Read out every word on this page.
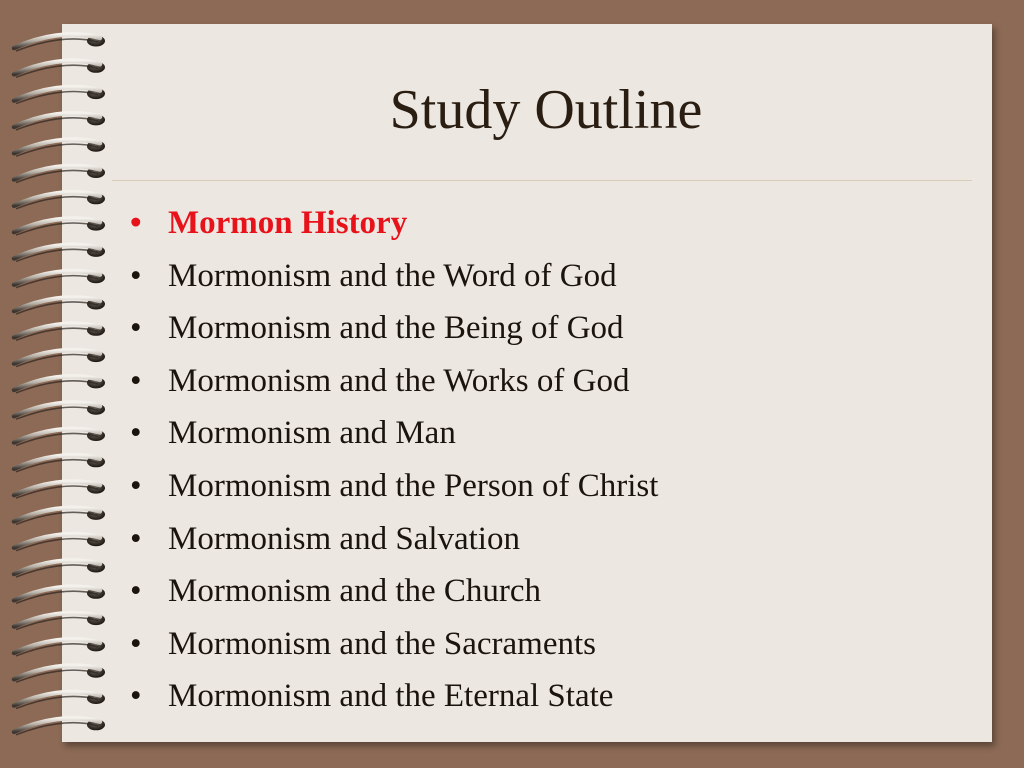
Study Outline
• Mormon History
• Mormonism and the Word of God
• Mormonism and the Being of God
• Mormonism and the Works of God
• Mormonism and Man
• Mormonism and the Person of Christ
• Mormonism and Salvation
• Mormonism and the Church
• Mormonism and the Sacraments
• Mormonism and the Eternal State
